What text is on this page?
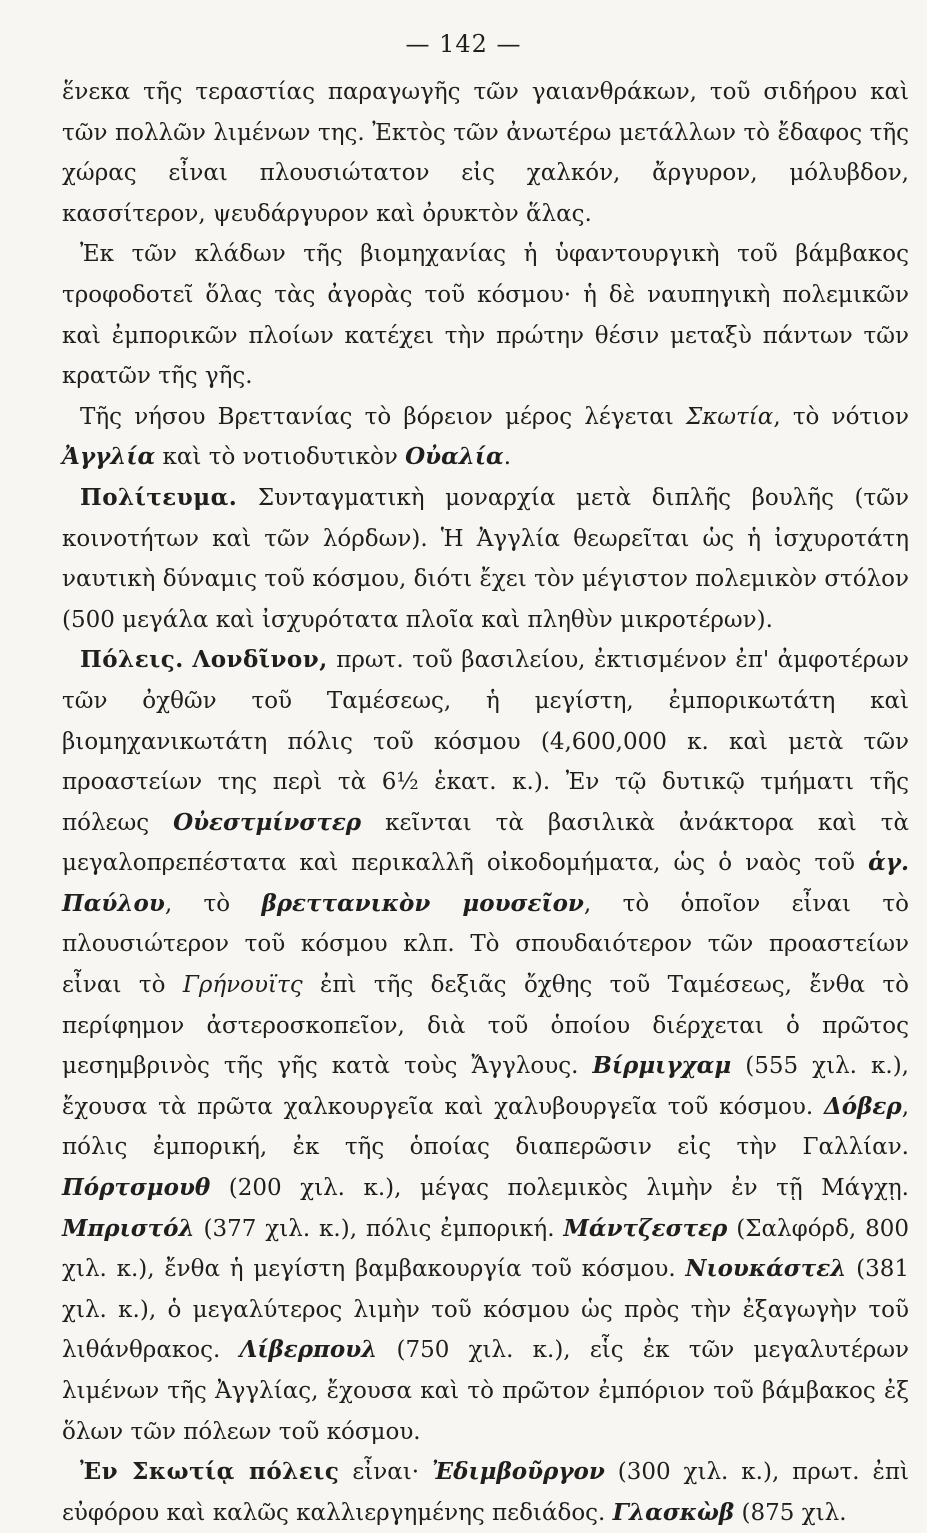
— 142 —

ἕνεκα τῆς τεραστίας παραγωγῆς τῶν γαιανθράκων, τοῦ σιδήρου καὶ τῶν πολλῶν λιμένων της. Ἐκτὸς τῶν ἀνωτέρω μετάλλων τὸ ἔδαφος τῆς χώρας εἶναι πλουσιώτατον εἰς χαλκόν, ἄργυρον, μόλυβδον, κασσίτερον, ψευδάργυρον καὶ ὀρυκτὸν ἅλας.

Ἐκ τῶν κλάδων τῆς βιομηχανίας ἡ ὑφαντουργικὴ τοῦ βάμβακος τροφοδοτεῖ ὅλας τὰς ἀγορὰς τοῦ κόσμου· ἡ δὲ ναυπηγικὴ πολεμικῶν καὶ ἐμπορικῶν πλοίων κατέχει τὴν πρώτην θέσιν μεταξὺ πάντων τῶν κρατῶν τῆς γῆς.

Τῆς νήσου Βρεττανίας τὸ βόρειον μέρος λέγεται Σκωτία, τὸ νότιον Ἀγγλία καὶ τὸ νοτιοδυτικὸν Οὐαλία.

Πολίτευμα. Συνταγματικὴ μοναρχία μετὰ διπλῆς βουλῆς (τῶν κοινοτήτων καὶ τῶν λόρδων). Ἡ Ἀγγλία θεωρεῖται ὡς ἡ ἰσχυροτάτη ναυτικὴ δύναμις τοῦ κόσμου, διότι ἔχει τὸν μέγιστον πολεμικὸν στόλον (500 μεγάλα καὶ ἰσχυρότατα πλοῖα καὶ πληθὺν μικροτέρων).

Πόλεις. Λονδῖνον, πρωτ. τοῦ βασιλείου, ἐκτισμένον ἐπ' ἀμφοτέρων τῶν ὀχθῶν τοῦ Ταμέσεως, ἡ μεγίστη, ἐμπορικωτάτη καὶ βιομηχανικωτάτη πόλις τοῦ κόσμου (4,600,000 κ. καὶ μετὰ τῶν προαστείων της περὶ τὰ 6½ ἑκατ. κ.). Ἐν τῷ δυτικῷ τμήματι τῆς πόλεως Οὐεστμίνστερ κεῖνται τὰ βασιλικὰ ἀνάκτορα καὶ τὰ μεγαλοπρεπέστατα καὶ περικαλλῆ οἰκοδομήματα, ὡς ὁ ναὸς τοῦ ἁγ. Παύλου, τὸ βρεττανικὸν μουσεῖον, τὸ ὁποῖον εἶναι τὸ πλουσιώτερον τοῦ κόσμου κλπ. Τὸ σπουδαιότερον τῶν προαστείων εἶναι τὸ Γρήνουϊτς ἐπὶ τῆς δεξιᾶς ὄχθης τοῦ Ταμέσεως, ἔνθα τὸ περίφημον ἀστεροσκοπεῖον, διὰ τοῦ ὁποίου διέρχεται ὁ πρῶτος μεσημβρινὸς τῆς γῆς κατὰ τοὺς Ἄγγλους. Βίρμιγχαμ (555 χιλ. κ.), ἔχουσα τὰ πρῶτα χαλκουργεῖα καὶ χαλυβουργεῖα τοῦ κόσμου. Δόβερ, πόλις ἐμπορική, ἐκ τῆς ὁποίας διαπερῶσιν εἰς τὴν Γαλλίαν. Πόρτσμουθ (200 χιλ. κ.), μέγας πολεμικὸς λιμὴν ἐν τῇ Μάγχῃ. Μπριστόλ (377 χιλ. κ.), πόλις ἐμπορική. Μάντζεστερ (Σαλφόρδ, 800 χιλ. κ.), ἔνθα ἡ μεγίστη βαμβακουργία τοῦ κόσμου. Νιουκάστελ (381 χιλ. κ.), ὁ μεγαλύτερος λιμὴν τοῦ κόσμου ὡς πρὸς τὴν ἐξαγωγὴν τοῦ λιθάνθρακος. Λίβερπουλ (750 χιλ. κ.), εἷς ἐκ τῶν μεγαλυτέρων λιμένων τῆς Ἀγγλίας, ἔχουσα καὶ τὸ πρῶτον ἐμπόριον τοῦ βάμβακος ἐξ ὅλων τῶν πόλεων τοῦ κόσμου.

Ἐν Σκωτίᾳ πόλεις εἶναι· Ἐδιμβοῦργον (300 χιλ. κ.), πρωτ. ἐπὶ εὐφόρου καὶ καλῶς καλλιεργημένης πεδιάδος. Γλασκὼβ (875 χιλ.
